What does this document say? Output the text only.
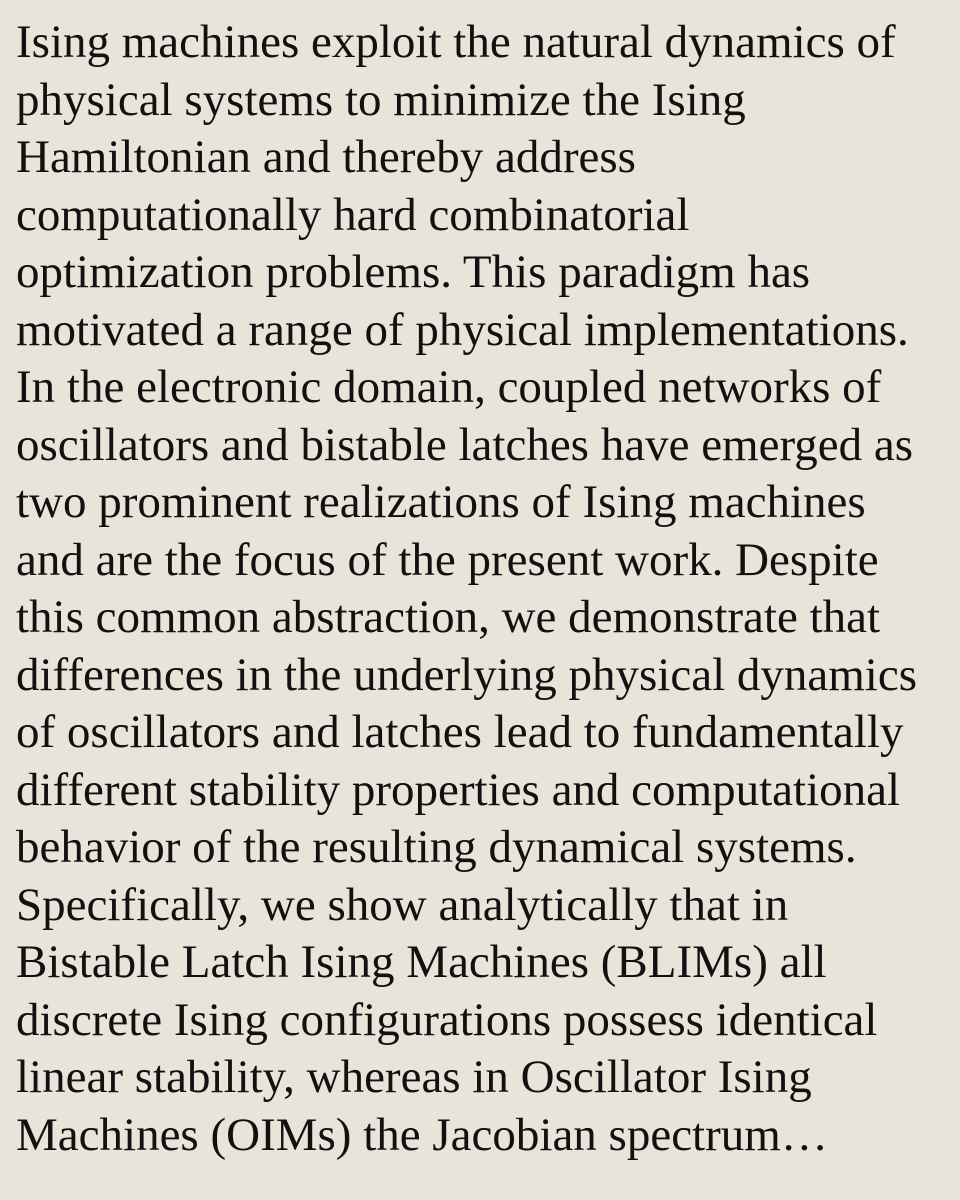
Ising machines exploit the natural dynamics of
physical systems to minimize the Ising
Hamiltonian and thereby address
computationally hard combinatorial
optimization problems. This paradigm has
motivated a range of physical implementations.
In the electronic domain, coupled networks of
oscillators and bistable latches have emerged as
two prominent realizations of Ising machines
and are the focus of the present work. Despite
this common abstraction, we demonstrate that
differences in the underlying physical dynamics
of oscillators and latches lead to fundamentally
different stability properties and computational
behavior of the resulting dynamical systems.
Specifically, we show analytically that in
Bistable Latch Ising Machines (BLIMs) all
discrete Ising configurations possess identical
linear stability, whereas in Oscillator Ising
Machines (OIMs) the Jacobian spectrum…
